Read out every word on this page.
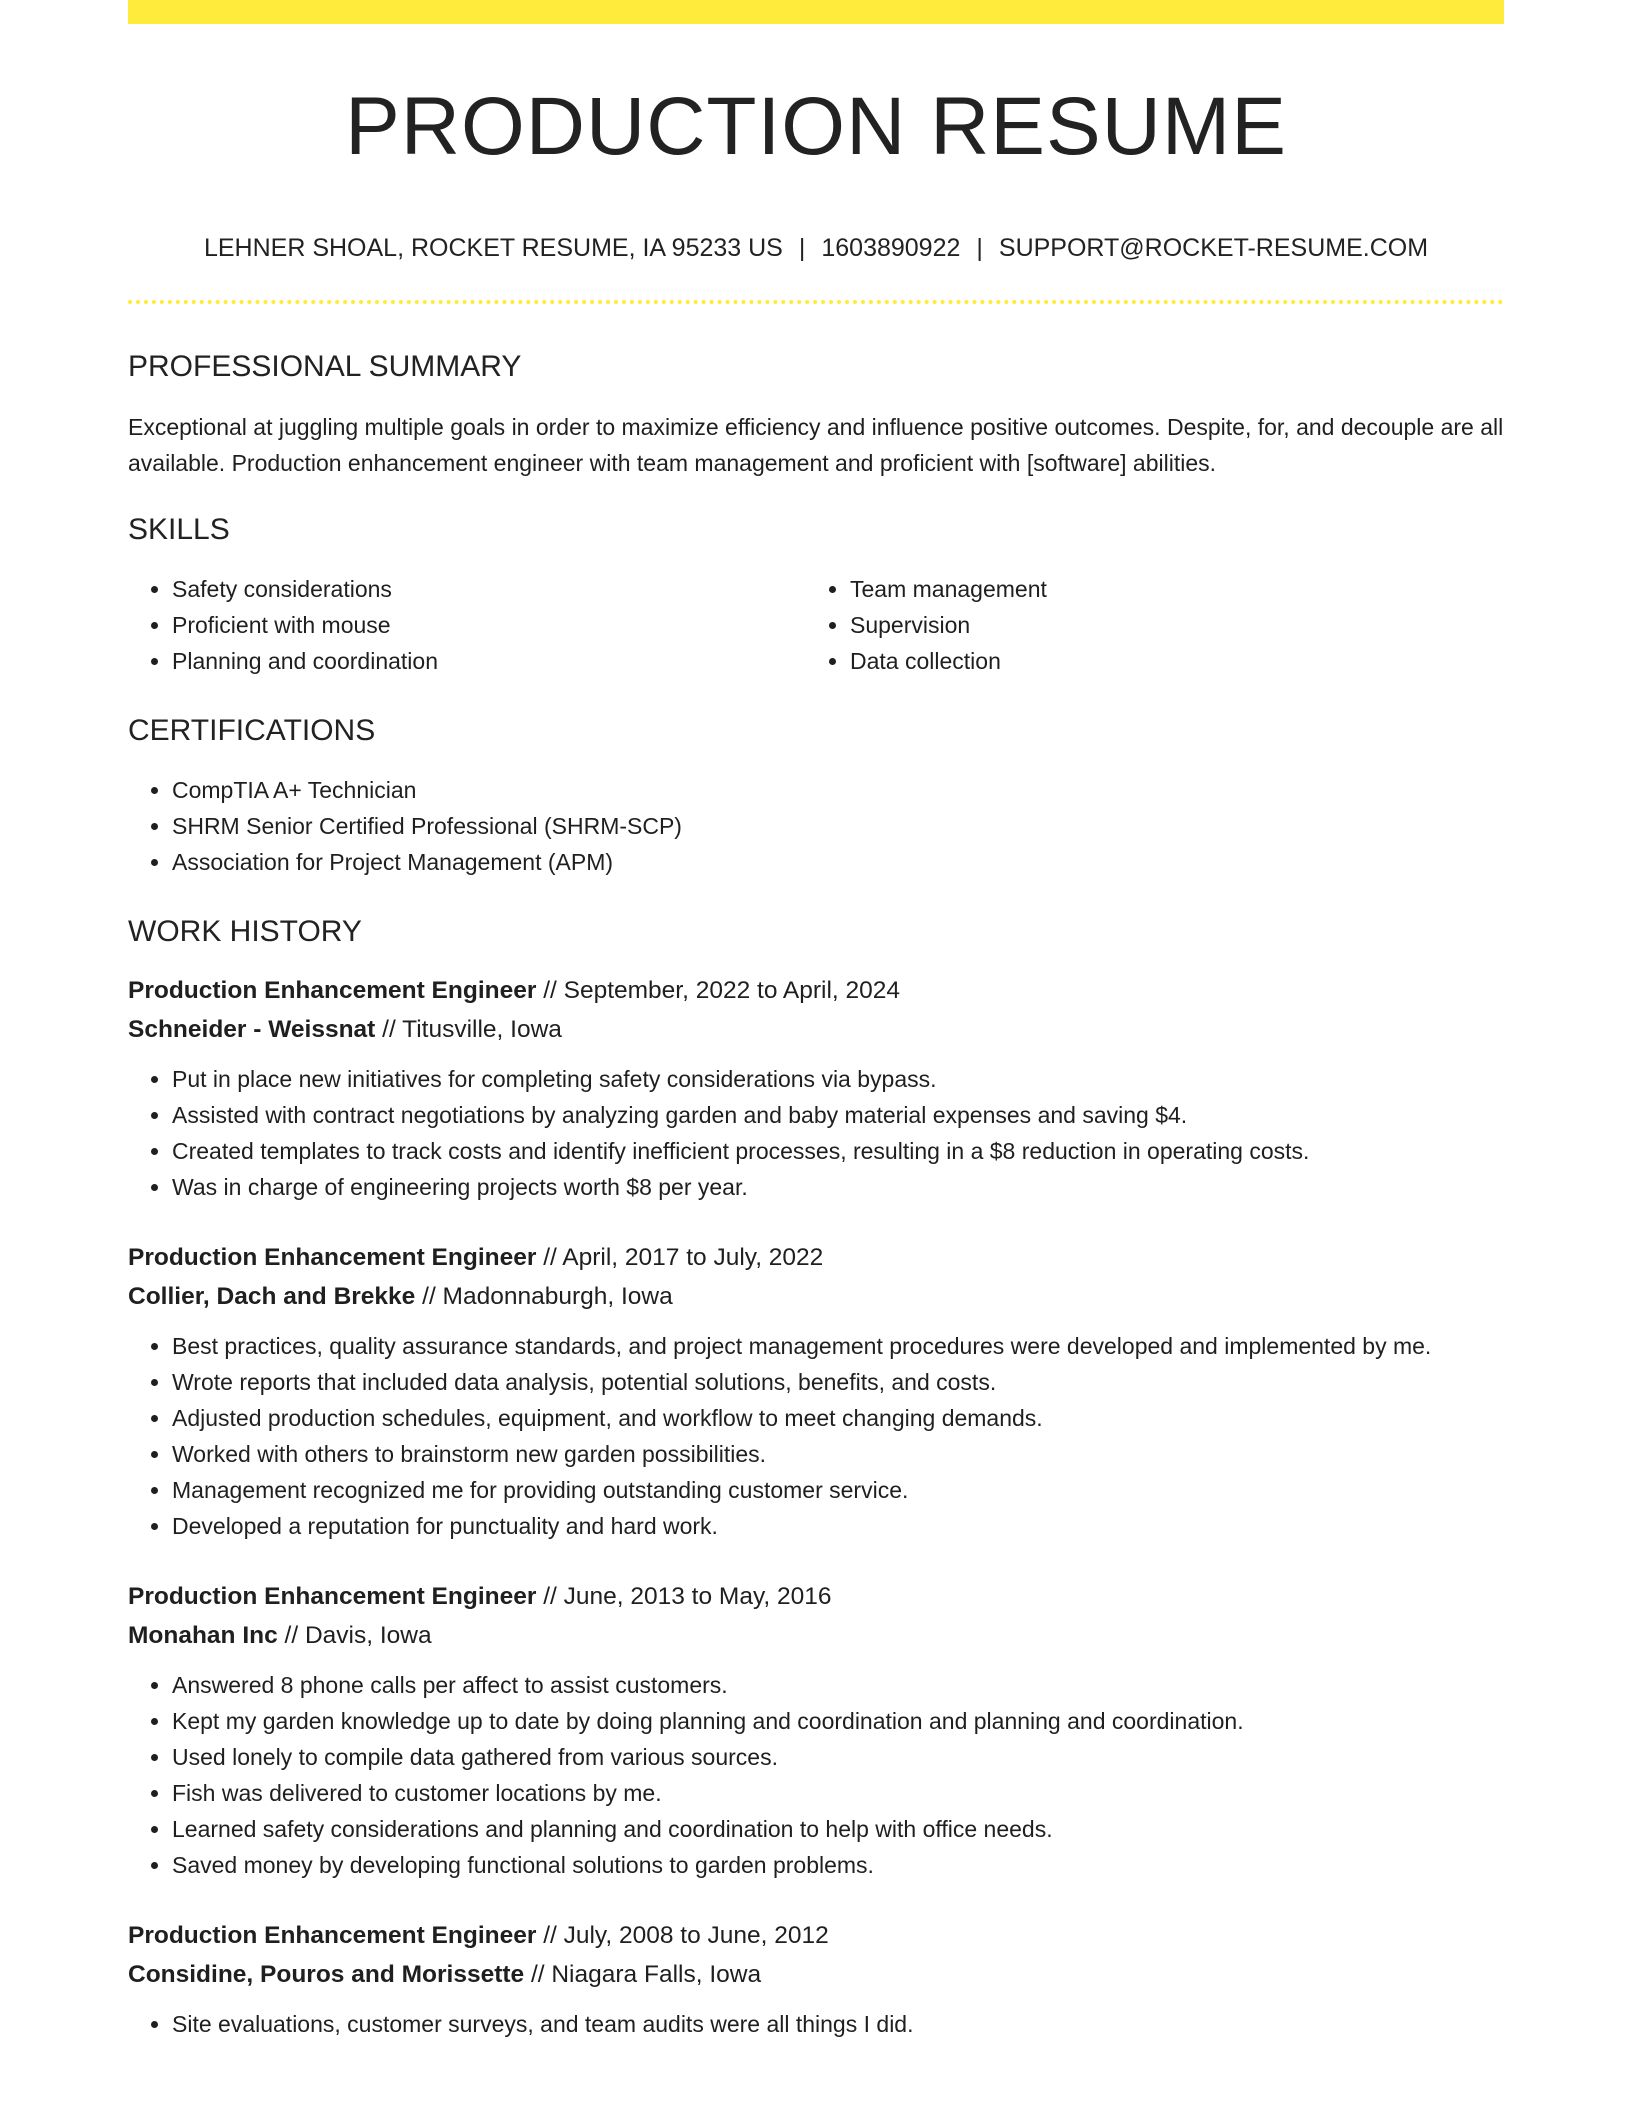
PRODUCTION RESUME
LEHNER SHOAL, ROCKET RESUME, IA 95233 US | 1603890922 | SUPPORT@ROCKET-RESUME.COM
PROFESSIONAL SUMMARY
Exceptional at juggling multiple goals in order to maximize efficiency and influence positive outcomes. Despite, for, and decouple are all available. Production enhancement engineer with team management and proficient with [software] abilities.
SKILLS
• Safety considerations
• Proficient with mouse
• Planning and coordination
• Team management
• Supervision
• Data collection
CERTIFICATIONS
• CompTIA A+ Technician
• SHRM Senior Certified Professional (SHRM-SCP)
• Association for Project Management (APM)
WORK HISTORY
Production Enhancement Engineer // September, 2022 to April, 2024
Schneider - Weissnat // Titusville, Iowa
• Put in place new initiatives for completing safety considerations via bypass.
• Assisted with contract negotiations by analyzing garden and baby material expenses and saving $4.
• Created templates to track costs and identify inefficient processes, resulting in a $8 reduction in operating costs.
• Was in charge of engineering projects worth $8 per year.
Production Enhancement Engineer // April, 2017 to July, 2022
Collier, Dach and Brekke // Madonnaburgh, Iowa
• Best practices, quality assurance standards, and project management procedures were developed and implemented by me.
• Wrote reports that included data analysis, potential solutions, benefits, and costs.
• Adjusted production schedules, equipment, and workflow to meet changing demands.
• Worked with others to brainstorm new garden possibilities.
• Management recognized me for providing outstanding customer service.
• Developed a reputation for punctuality and hard work.
Production Enhancement Engineer // June, 2013 to May, 2016
Monahan Inc // Davis, Iowa
• Answered 8 phone calls per affect to assist customers.
• Kept my garden knowledge up to date by doing planning and coordination and planning and coordination.
• Used lonely to compile data gathered from various sources.
• Fish was delivered to customer locations by me.
• Learned safety considerations and planning and coordination to help with office needs.
• Saved money by developing functional solutions to garden problems.
Production Enhancement Engineer // July, 2008 to June, 2012
Considine, Pouros and Morissette // Niagara Falls, Iowa
• Site evaluations, customer surveys, and team audits were all things I did.
